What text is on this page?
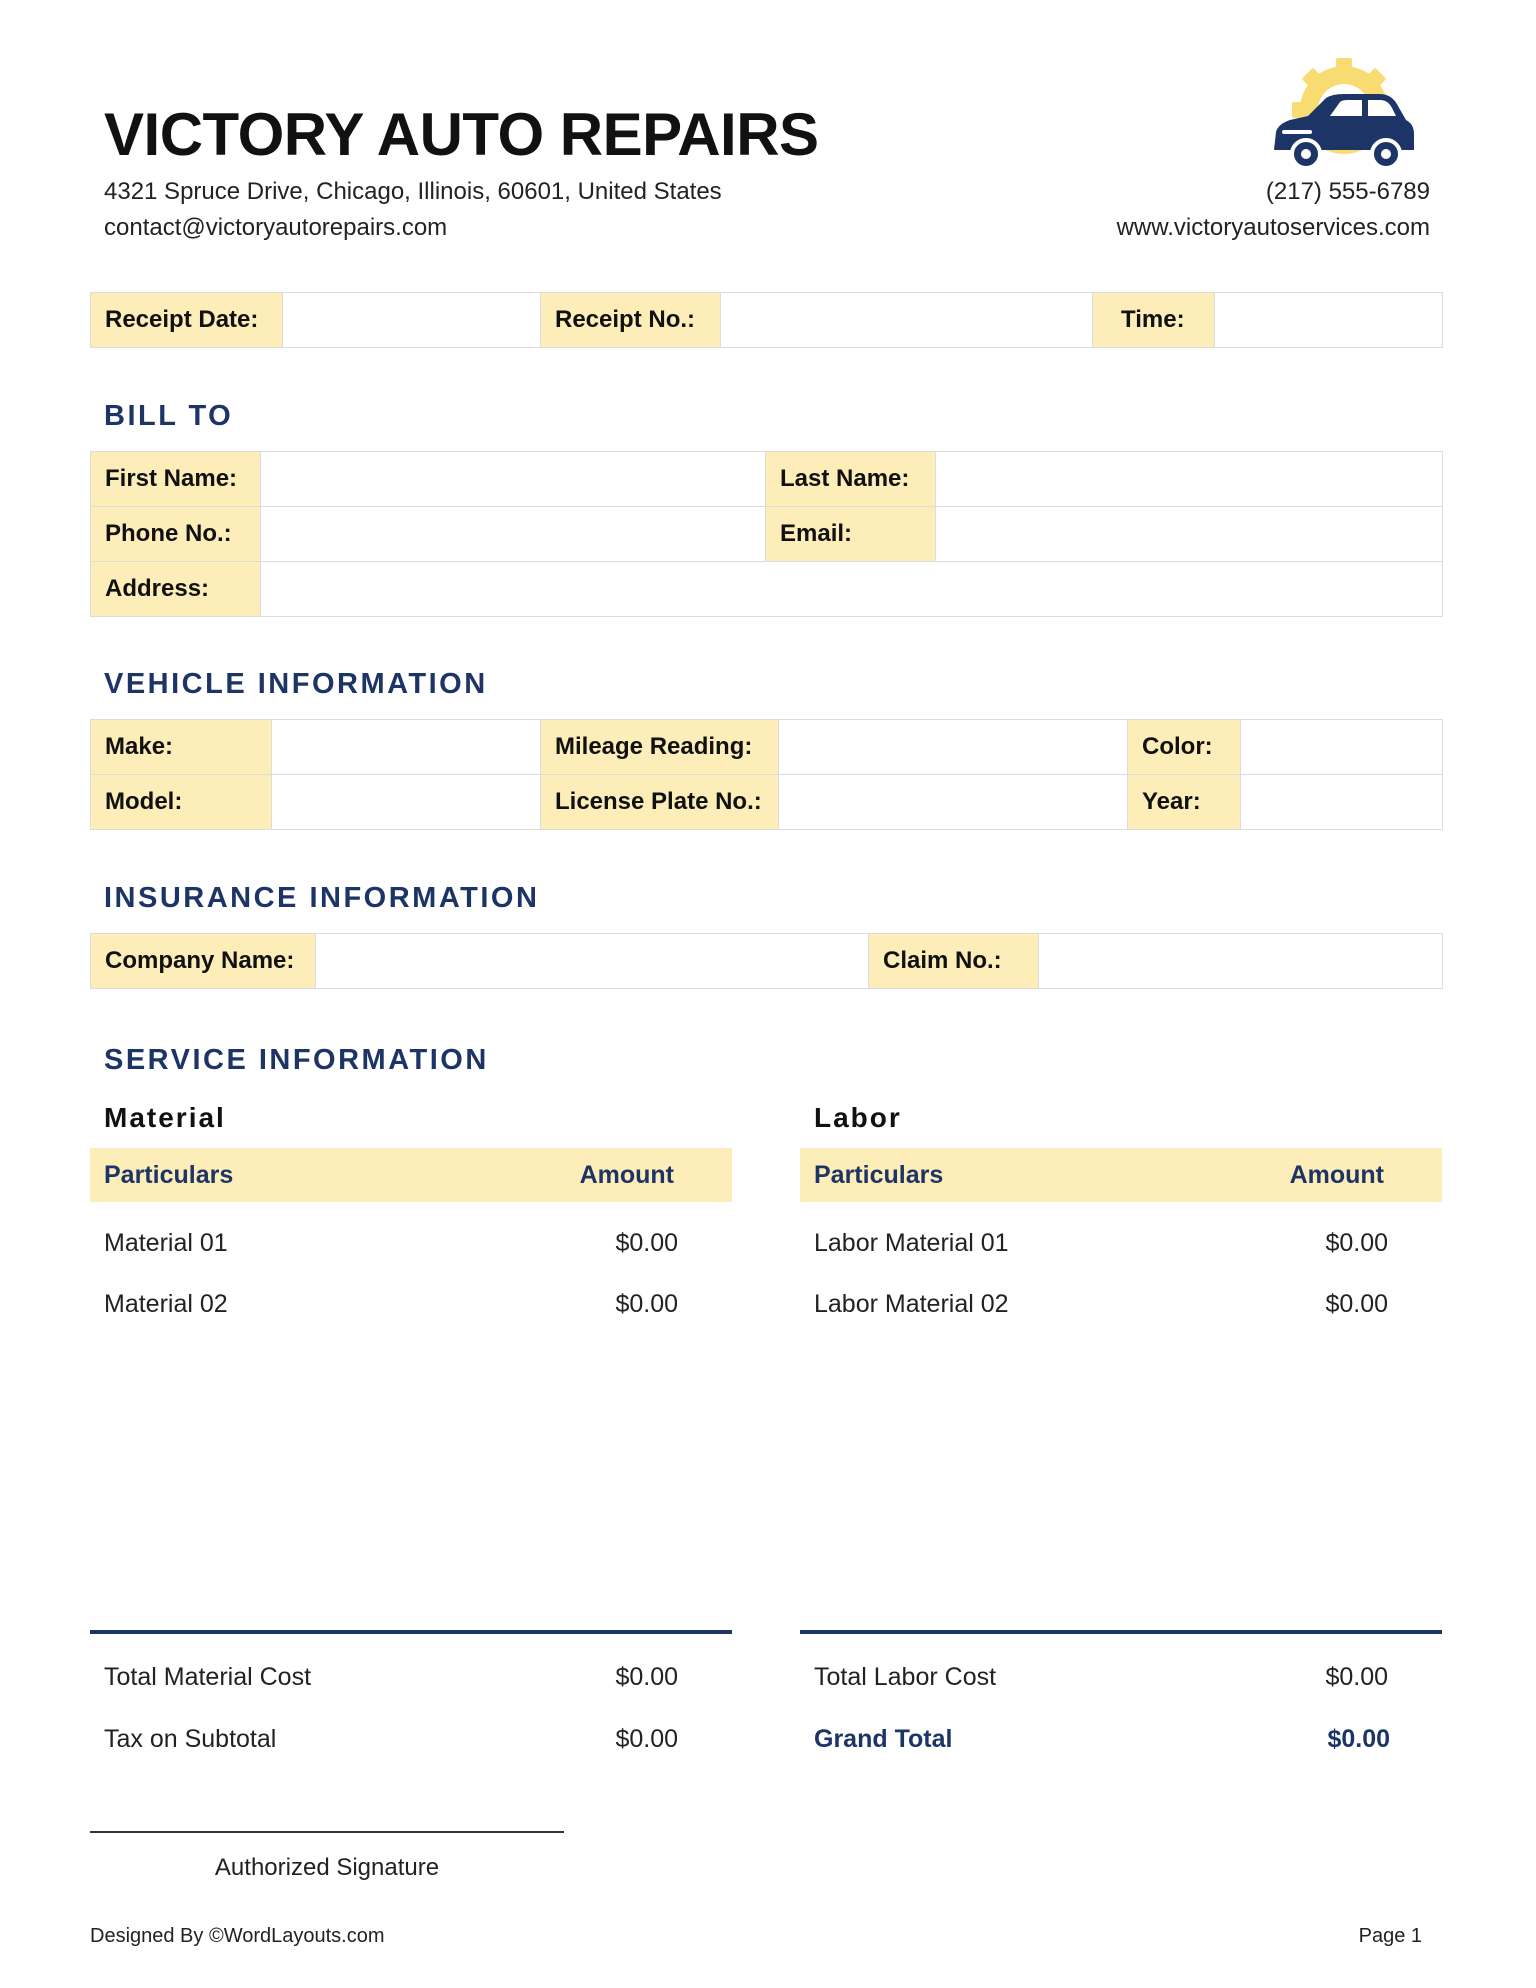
VICTORY AUTO REPAIRS
4321 Spruce Drive, Chicago, Illinois, 60601, United States
contact@victoryautorepairs.com
(217) 555-6789
www.victoryautoservices.com
Receipt Date:		Receipt No.:		Time:	
BILL TO
First Name:		Last Name:	
Phone No.:		Email:	
Address:			
VEHICLE INFORMATION
Make:		Mileage Reading:		Color:	
Model:		License Plate No.:		Year:	
INSURANCE INFORMATION
Company Name:		Claim No.:	
SERVICE INFORMATION
Material	Labor
Particulars	Amount	Particulars	Amount
Material 01	$0.00
Material 02	$0.00
Labor Material 01	$0.00
Labor Material 02	$0.00
Total Material Cost	$0.00
Tax on Subtotal	$0.00
Total Labor Cost	$0.00
Grand Total	$0.00
Authorized Signature
Designed By ©WordLayouts.com	Page 1
